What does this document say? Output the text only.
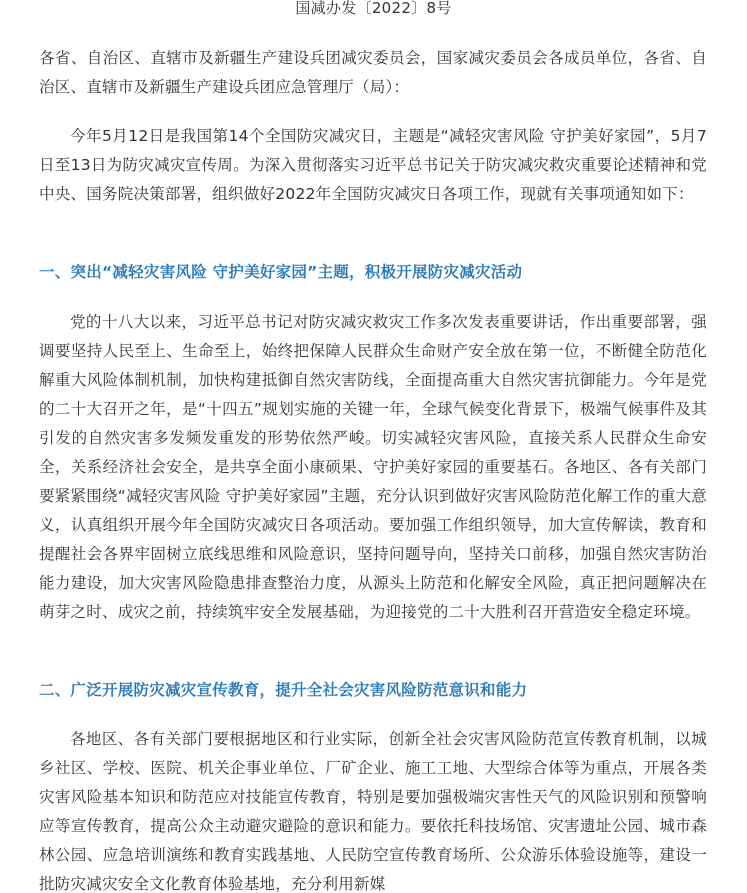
国减办发〔2022〕8号

各省、自治区、直辖市及新疆生产建设兵团减灾委员会，国家减灾委员会各成员单位，各省、自治区、直辖市及新疆生产建设兵团应急管理厅（局）：

今年5月12日是我国第14个全国防灾减灾日，主题是“减轻灾害风险 守护美好家园”，5月7日至13日为防灾减灾宣传周。为深入贯彻落实习近平总书记关于防灾减灾救灾重要论述精神和党中央、国务院决策部署，组织做好2022年全国防灾减灾日各项工作，现就有关事项通知如下：

一、突出“减轻灾害风险 守护美好家园”主题，积极开展防灾减灾活动

党的十八大以来，习近平总书记对防灾减灾救灾工作多次发表重要讲话，作出重要部署，强调要坚持人民至上、生命至上，始终把保障人民群众生命财产安全放在第一位，不断健全防范化解重大风险体制机制，加快构建抵御自然灾害防线，全面提高重大自然灾害抗御能力。今年是党的二十大召开之年，是“十四五”规划实施的关键一年，全球气候变化背景下，极端气候事件及其引发的自然灾害多发频发重发的形势依然严峻。切实减轻灾害风险，直接关系人民群众生命安全，关系经济社会安全，是共享全面小康硕果、守护美好家园的重要基石。各地区、各有关部门要紧紧围绕“减轻灾害风险 守护美好家园”主题，充分认识到做好灾害风险防范化解工作的重大意义，认真组织开展今年全国防灾减灾日各项活动。要加强工作组织领导，加大宣传解读，教育和提醒社会各界牢固树立底线思维和风险意识，坚持问题导向，坚持关口前移，加强自然灾害防治能力建设，加大灾害风险隐患排查整治力度，从源头上防范和化解安全风险，真正把问题解决在萌芽之时、成灾之前，持续筑牢安全发展基础，为迎接党的二十大胜利召开营造安全稳定环境。

二、广泛开展防灾减灾宣传教育，提升全社会灾害风险防范意识和能力

各地区、各有关部门要根据地区和行业实际，创新全社会灾害风险防范宣传教育机制，以城乡社区、学校、医院、机关企事业单位、厂矿企业、施工工地、大型综合体等为重点，开展各类灾害风险基本知识和防范应对技能宣传教育，特别是要加强极端灾害性天气的风险识别和预警响应等宣传教育，提高公众主动避灾避险的意识和能力。要依托科技场馆、灾害遗址公园、城市森林公园、应急培训演练和教育实践基地、人民防空宣传教育场所、公众游乐体验设施等，建设一批防灾减灾安全文化教育体验基地，充分利用新媒
